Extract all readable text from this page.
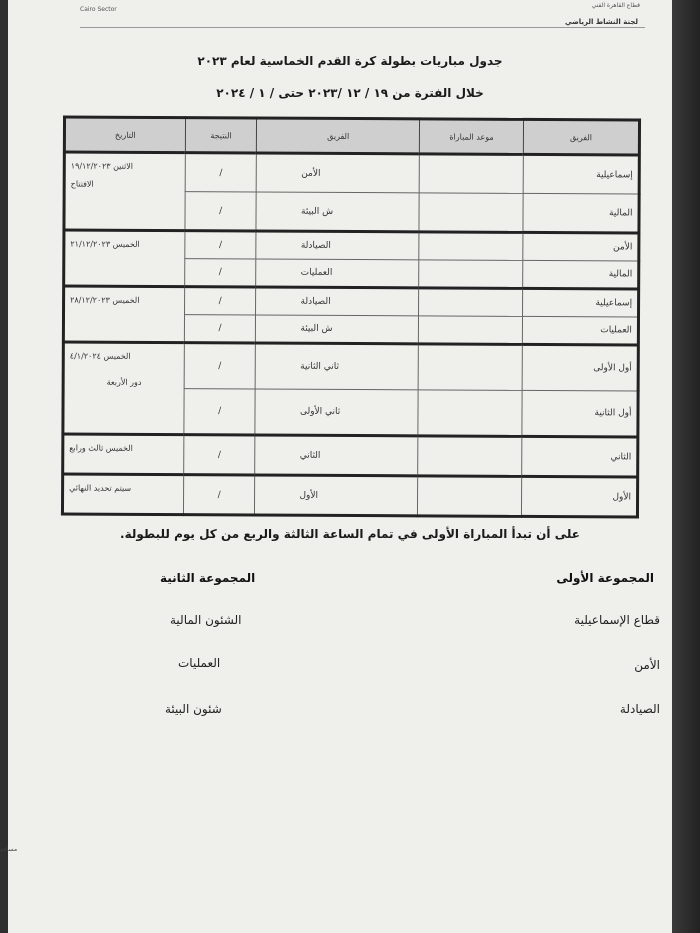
Cairo Sector
قطاع القاهرة الفني
لجنة النشاط الرياضي
جدول مباريات بطولة كرة القدم الخماسية لعام ٢٠٢٣
خلال الفترة من ١٩ / ١٢ /٢٠٢٣ حتى / ١ / ٢٠٢٤
الفريق	موعد المباراة	الفريق	النتيجة	التاريخ
إسماعيلية		الأمن	/	الاثنين ١٩/١٢/٢٠٢٣
الافتتاح

المالية		ش البيئة	/	
الأمن		الصيادلة	/	الخميس ٢١/١٢/٢٠٢٣

المالية		العمليات	/	
إسماعيلية		الصيادلة	/	الخميس ٢٨/١٢/٢٠٢٣

العمليات		ش البيئة	/	
أول الأولى		ثاني الثانية	/	الخميس ٤/١/٢٠٢٤
دور الأربعة

أول الثانية		ثاني الأولى	/	
الثاني		الثاني	/	الخميس ثالث ورابع

الأول		الأول	/	سيتم تحديد النهائي
على أن تبدأ المباراة الأولى في تمام الساعة الثالثة والربع من كل يوم للبطولة.
المجموعة الأولى
قطاع الإسماعيلية
الأمن
الصيادلة
المجموعة الثانية
الشئون المالية
العمليات
شئون البيئة
مساعد
